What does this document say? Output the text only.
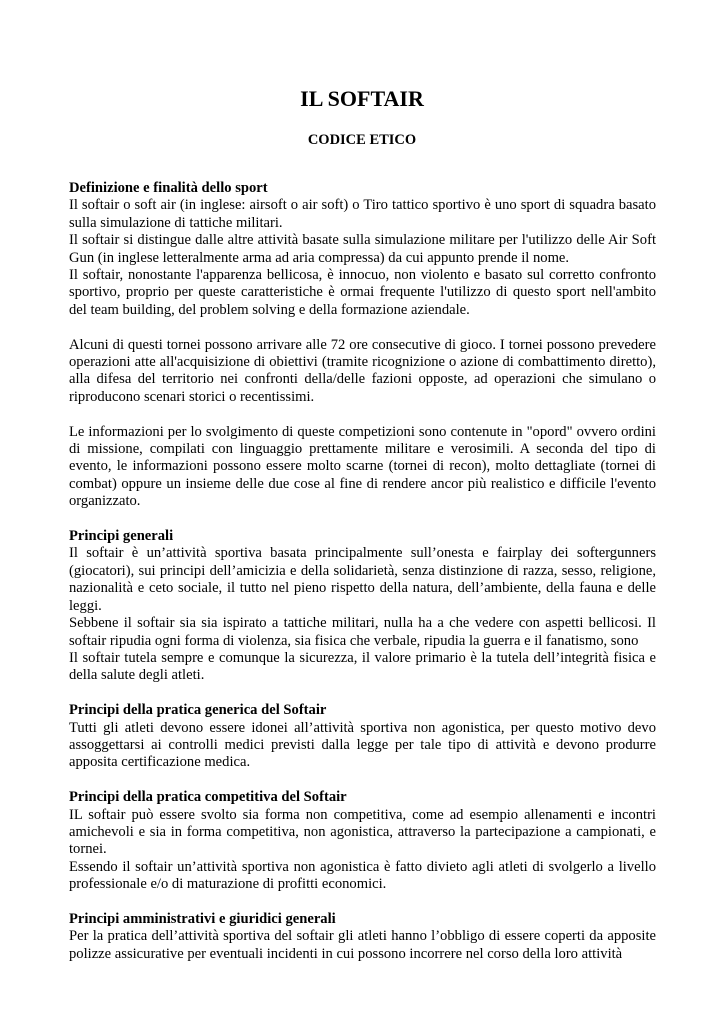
IL SOFTAIR
CODICE ETICO

Definizione e finalità dello sport

Il softair o soft air (in inglese: airsoft o air soft) o Tiro tattico sportivo è uno sport di squadra basato sulla simulazione di tattiche militari.

Il softair si distingue dalle altre attività basate sulla simulazione militare per l'utilizzo delle Air Soft Gun (in inglese letteralmente arma ad aria compressa) da cui appunto prende il nome.

Il softair, nonostante l'apparenza bellicosa, è innocuo, non violento e basato sul corretto confronto sportivo, proprio per queste caratteristiche è ormai frequente l'utilizzo di questo sport nell'ambito del team building, del problem solving e della formazione aziendale.

Alcuni di questi tornei possono arrivare alle 72 ore consecutive di gioco. I tornei possono prevedere operazioni atte all'acquisizione di obiettivi (tramite ricognizione o azione di combattimento diretto), alla difesa del territorio nei confronti della/delle fazioni opposte, ad operazioni che simulano o riproducono scenari storici o recentissimi.

Le informazioni per lo svolgimento di queste competizioni sono contenute in "opord" ovvero ordini di missione, compilati con linguaggio prettamente militare e verosimili. A seconda del tipo di evento, le informazioni possono essere molto scarne (tornei di recon), molto dettagliate (tornei di combat) oppure un insieme delle due cose al fine di rendere ancor più realistico e difficile l'evento organizzato.

Principi generali

Il softair è un’attività sportiva basata principalmente sull’onesta e fairplay dei softergunners (giocatori), sui principi dell’amicizia e della solidarietà, senza distinzione di razza, sesso, religione, nazionalità e ceto sociale, il tutto nel pieno rispetto della natura, dell’ambiente, della fauna e delle leggi.

Sebbene il softair sia sia ispirato a tattiche militari, nulla ha a che vedere con aspetti bellicosi. Il softair ripudia ogni forma di violenza, sia fisica che verbale, ripudia la guerra e il fanatismo, sono

Il softair tutela sempre e comunque la sicurezza, il valore primario è la tutela dell’integrità fisica e della salute degli atleti.

Principi della pratica generica del Softair

Tutti gli atleti devono essere idonei all’attività sportiva non agonistica, per questo motivo devo assoggettarsi ai controlli medici previsti dalla legge per tale tipo di attività e devono produrre apposita certificazione medica.

Principi della pratica competitiva del Softair

IL softair può essere svolto sia forma non competitiva, come ad esempio allenamenti e incontri amichevoli e sia in forma competitiva, non agonistica, attraverso la partecipazione a campionati, e tornei.

Essendo il softair un’attività sportiva non agonistica è fatto divieto agli atleti di svolgerlo a livello professionale e/o di maturazione di profitti economici.

Principi amministrativi e giuridici generali

Per la pratica dell’attività sportiva del softair gli atleti hanno l’obbligo di essere coperti da apposite polizze assicurative per eventuali incidenti in cui possono incorrere nel corso della loro attività
